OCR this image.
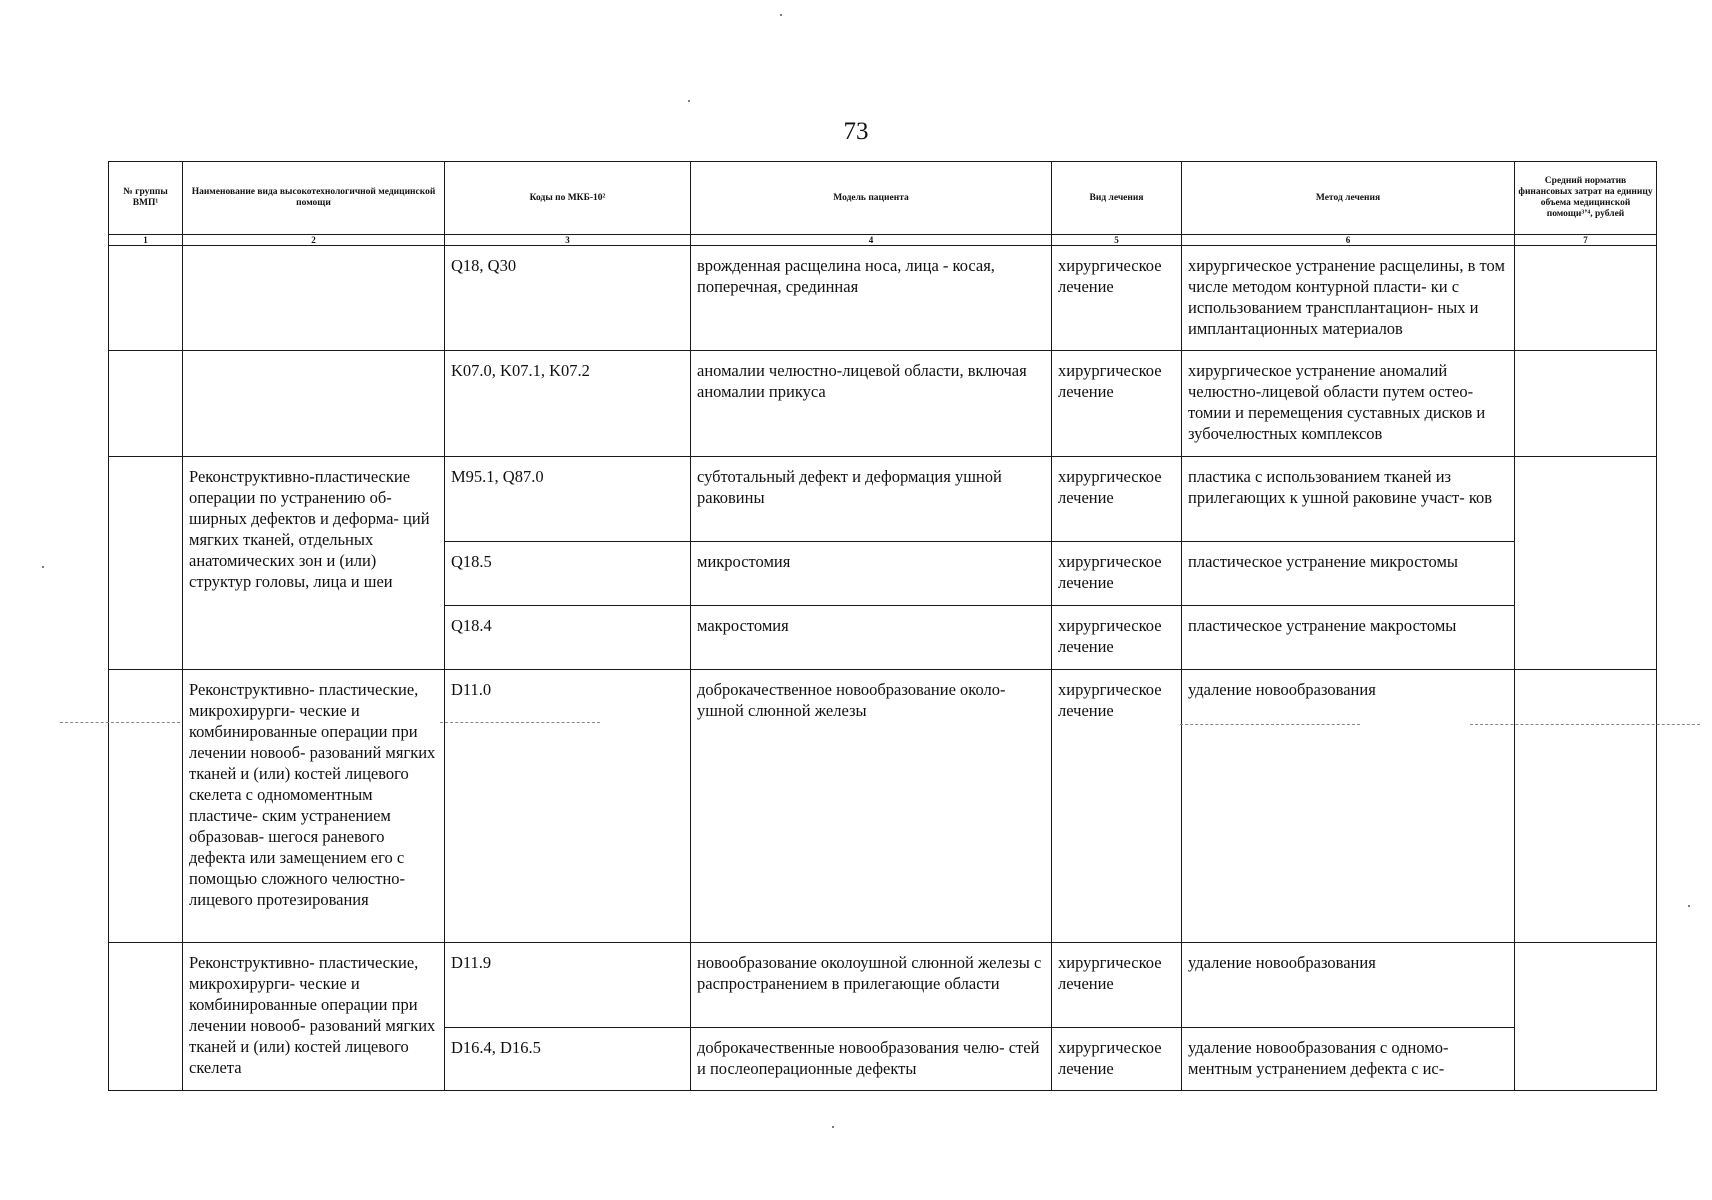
73
№ группы ВМП¹	Наименование вида высокотехнологичной медицинской помощи	Коды по МКБ-10²	Модель пациента	Вид лечения	Метод лечения	Средний норматив финансовых затрат на единицу объема медицинской помощи³ʼ⁴, рублей
1	2	3	4	5	6	7
		Q18, Q30	врожденная расщелина носа, лица - косая, поперечная, срединная	хирургическое лечение	хирургическое устранение расщелины, в том числе методом контурной пласти- ки с использованием трансплантацион- ных и имплантационных материалов	
		K07.0, K07.1, K07.2	аномалии челюстно-лицевой области, включая аномалии прикуса	хирургическое лечение	хирургическое устранение аномалий челюстно-лицевой области путем остео- томии и перемещения суставных дисков и зубочелюстных комплексов	
	Реконструктивно-пластические операции по устранению об- ширных дефектов и деформа- ций мягких тканей, отдельных анатомических зон и (или) структур головы, лица и шеи	M95.1, Q87.0	субтотальный дефект и деформация ушной раковины	хирургическое лечение	пластика с использованием тканей из прилегающих к ушной раковине участ- ков	
		Q18.5	микростомия	хирургическое лечение	пластическое устранение микростомы	
		Q18.4	макростомия	хирургическое лечение	пластическое устранение макростомы	
	Реконструктивно- пластические, микрохирурги- ческие и комбинированные операции при лечении новооб- разований мягких тканей и (или) костей лицевого скелета с одномоментным пластиче- ским устранением образовав- шегося раневого дефекта или замещением его с помощью сложного челюстно-лицевого протезирования	D11.0	доброкачественное новообразование около- ушной слюнной железы	хирургическое лечение	удаление новообразования	
	Реконструктивно- пластические, микрохирурги- ческие и комбинированные операции при лечении новооб- разований мягких тканей и (или) костей лицевого скелета	D11.9	новообразование околоушной слюнной железы с распространением в прилегающие области	хирургическое лечение	удаление новообразования	
		D16.4, D16.5	доброкачественные новообразования челю- стей и послеоперационные дефекты	хирургическое лечение	удаление новообразования с одномо- ментным устранением дефекта с ис-	
